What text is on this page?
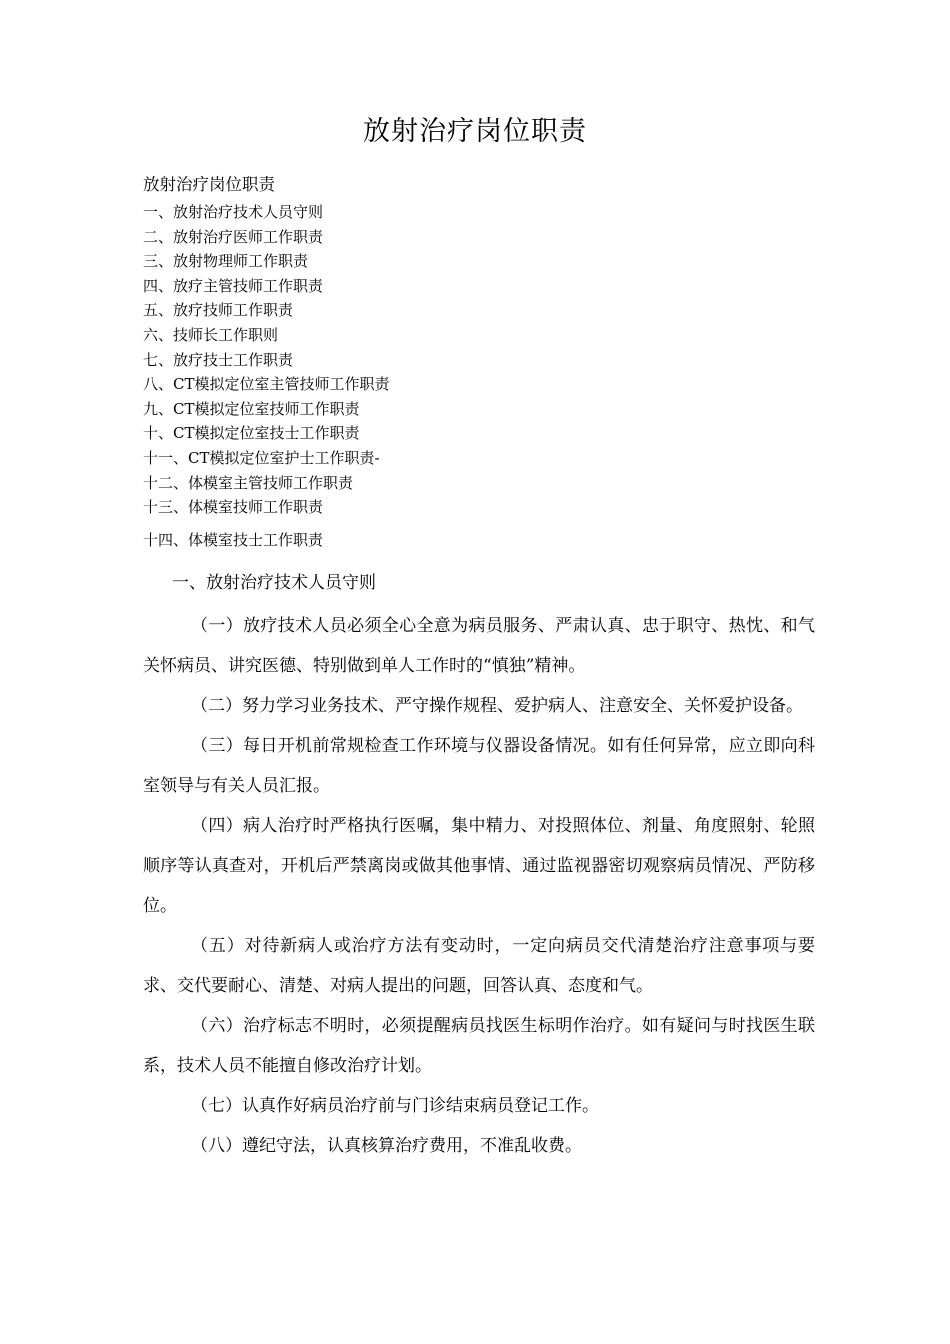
放射治疗岗位职责
放射治疗岗位职责
一、放射治疗技术人员守则
二、放射治疗医师工作职责
三、放射物理师工作职责
四、放疗主管技师工作职责
五、放疗技师工作职责
六、技师长工作职则
七、放疗技士工作职责
八、CT模拟定位室主管技师工作职责
九、CT模拟定位室技师工作职责
十、CT模拟定位室技士工作职责
十一、CT模拟定位室护士工作职责-
十二、体模室主管技师工作职责
十三、体模室技师工作职责
十四、体模室技士工作职责
一、放射治疗技术人员守则

（一）放疗技术人员必须全心全意为病员服务、严肃认真、忠于职守、热忱、和气关怀病员、讲究医德、特别做到单人工作时的“慎独”精神。

（二）努力学习业务技术、严守操作规程、爱护病人、注意安全、关怀爱护设备。

（三）每日开机前常规检查工作环境与仪器设备情况。如有任何异常，应立即向科室领导与有关人员汇报。

（四）病人治疗时严格执行医嘱，集中精力、对投照体位、剂量、角度照射、轮照顺序等认真查对，开机后严禁离岗或做其他事情、通过监视器密切观察病员情况、严防移位。

（五）对待新病人或治疗方法有变动时，一定向病员交代清楚治疗注意事项与要求、交代要耐心、清楚、对病人提出的问题，回答认真、态度和气。

（六）治疗标志不明时，必须提醒病员找医生标明作治疗。如有疑问与时找医生联系，技术人员不能擅自修改治疗计划。

（七）认真作好病员治疗前与门诊结束病员登记工作。

（八）遵纪守法，认真核算治疗费用，不准乱收费。
